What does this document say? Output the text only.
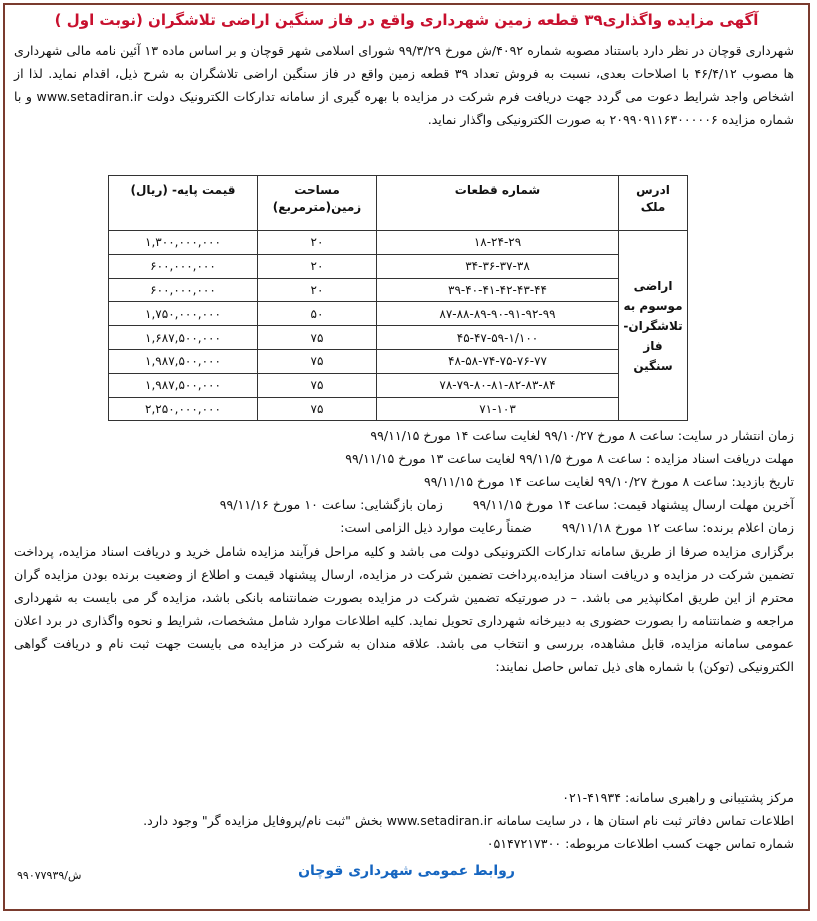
آگهی مزایده واگذاری۳۹ قطعه زمین شهرداری واقع در فاز سنگین اراضی تلاشگران (نوبت اول )
شهرداری قوچان در نظر دارد باستناد مصوبه شماره ۴۰۹۲/ش مورخ ۹۹/۳/۲۹ شورای اسلامی شهر قوچان و بر اساس ماده ۱۳ آئین نامه مالی شهرداری ها مصوب ۴۶/۴/۱۲ با اصلاحات بعدی، نسبت به فروش تعداد ۳۹ قطعه زمین واقع در فاز سنگین اراضی تلاشگران به شرح ذیل، اقدام نماید. لذا از اشخاص واجد شرایط دعوت می گردد جهت دریافت فرم شرکت در مزایده با بهره گیری از سامانه تدارکات الکترونیک دولت www.setadiran.ir و با شماره مزایده ۲۰۹۹۰۹۱۱۶۳۰۰۰۰۰۶ به صورت الکترونیکی واگذار نماید.
ادرس ملک	شماره قطعات	مساحت زمین(مترمربع)	قیمت پایه- (ریال)
اراضی موسوم به تلاشگران- فاز سنگین	۱۸-۲۴-۲۹	۲۰	۱,۳۰۰,۰۰۰,۰۰۰
	۳۴-۳۶-۳۷-۳۸	۲۰	۶۰۰,۰۰۰,۰۰۰
	۳۹-۴۰-۴۱-۴۲-۴۳-۴۴	۲۰	۶۰۰,۰۰۰,۰۰۰
	۸۷-۸۸-۸۹-۹۰-۹۱-۹۲-۹۹	۵۰	۱,۷۵۰,۰۰۰,۰۰۰
	۴۵-۴۷-۵۹-۱/۱۰۰	۷۵	۱,۶۸۷,۵۰۰,۰۰۰
	۴۸-۵۸-۷۴-۷۵-۷۶-۷۷	۷۵	۱,۹۸۷,۵۰۰,۰۰۰
	۷۸-۷۹-۸۰-۸۱-۸۲-۸۳-۸۴	۷۵	۱,۹۸۷,۵۰۰,۰۰۰
	۷۱-۱۰۳	۷۵	۲,۲۵۰,۰۰۰,۰۰۰
زمان انتشار در سایت: ساعت ۸ مورخ ۹۹/۱۰/۲۷ لغایت ساعت ۱۴ مورخ ۹۹/۱۱/۱۵
مهلت دریافت اسناد مزایده : ساعت ۸ مورخ ۹۹/۱۱/۵ لغایت ساعت ۱۳ مورخ ۹۹/۱۱/۱۵
تاریخ بازدید: ساعت ۸ مورخ ۹۹/۱۰/۲۷ لغایت ساعت ۱۴ مورخ ۹۹/۱۱/۱۵
آخرین مهلت ارسال پیشنهاد قیمت: ساعت ۱۴ مورخ ۹۹/۱۱/۱۵زمان بازگشایی: ساعت ۱۰ مورخ ۹۹/۱۱/۱۶
زمان اعلام برنده: ساعت ۱۲ مورخ ۹۹/۱۱/۱۸ضمناً رعایت موارد ذیل الزامی است:
برگزاری مزایده صرفا از طریق سامانه تدارکات الکترونیکی دولت می باشد و کلیه مراحل فرآیند مزایده شامل خرید و دریافت اسناد مزایده، پرداخت تضمین شرکت در مزایده و دریافت اسناد مزایده،پرداخت تضمین شرکت در مزایده، ارسال پیشنهاد قیمت و اطلاع از وضعیت برنده بودن مزایده گران محترم از این طریق امکانپذیر می باشد. – در صورتیکه تضمین شرکت در مزایده بصورت ضمانتنامه بانکی باشد، مزایده گر می بایست به شهرداری مراجعه و ضمانتنامه را بصورت حضوری به دبیرخانه شهرداری تحویل نماید. کلیه اطلاعات موارد شامل مشخصات، شرایط و نحوه واگذاری در برد اعلان عمومی سامانه مزایده، قابل مشاهده، بررسی و انتخاب می باشد. علاقه مندان به شرکت در مزایده می بایست جهت ثبت نام و دریافت گواهی الکترونیکی (توکن) با شماره های ذیل تماس حاصل نمایند:
مرکز پشتیبانی و راهبری سامانه: ۴۱۹۳۴-۰۲۱
اطلاعات تماس دفاتر ثبت نام استان ها ، در سایت سامانه www.setadiran.ir بخش "ثبت نام/پروفایل مزایده گر" وجود دارد.
شماره تماس جهت کسب اطلاعات مربوطه: ۰۵۱۴۷۲۱۷۳۰۰
روابط عمومی شهرداری قوچان
ش/۹۹۰۷۷۹۳۹
